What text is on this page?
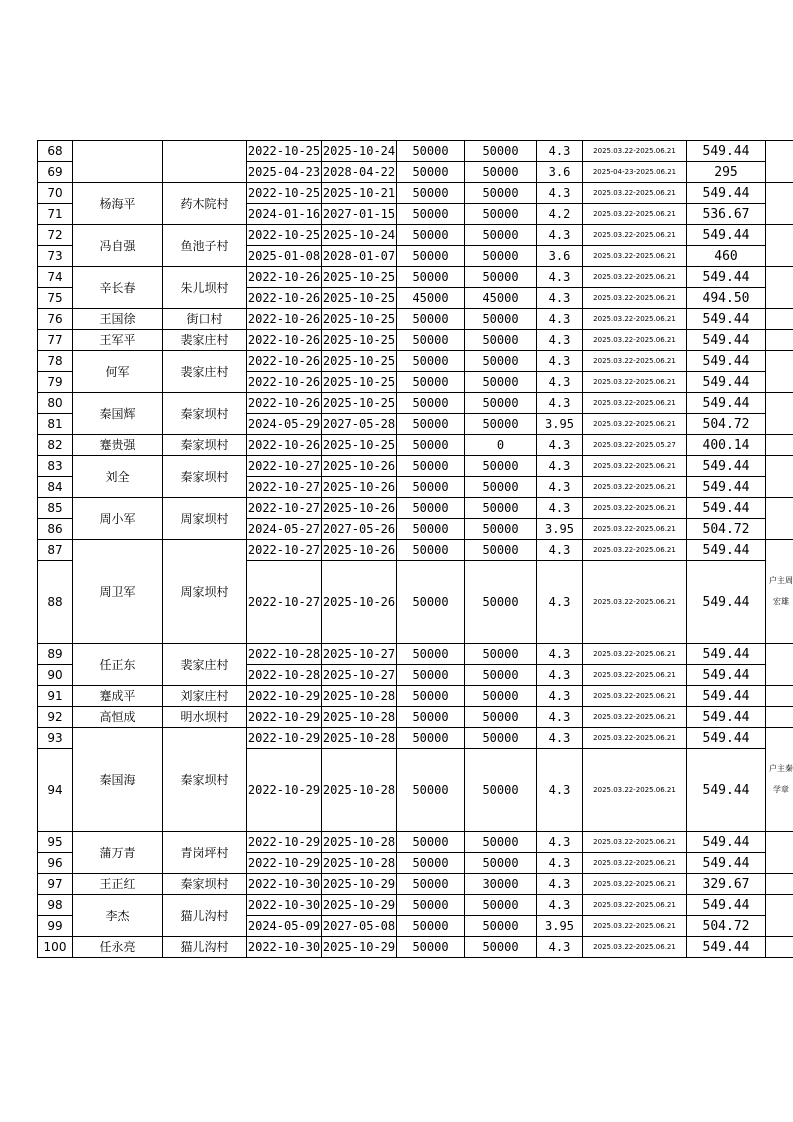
68			2022-10-25	2025-10-24	50000	50000	4.3	2025.03.22-2025.06.21	549.44	
69			2025-04-23	2028-04-22	50000	50000	3.6	2025-04-23-2025.06.21	295	
70	杨海平	药木院村	2022-10-25	2025-10-21	50000	50000	4.3	2025.03.22-2025.06.21	549.44	
71			2024-01-16	2027-01-15	50000	50000	4.2	2025.03.22-2025.06.21	536.67	
72	冯自强	鱼池子村	2022-10-25	2025-10-24	50000	50000	4.3	2025.03.22-2025.06.21	549.44	
73			2025-01-08	2028-01-07	50000	50000	3.6	2025.03.22-2025.06.21	460	
74	辛长春	朱儿坝村	2022-10-26	2025-10-25	50000	50000	4.3	2025.03.22-2025.06.21	549.44	
75			2022-10-26	2025-10-25	45000	45000	4.3	2025.03.22-2025.06.21	494.50	
76	王国徐	街口村	2022-10-26	2025-10-25	50000	50000	4.3	2025.03.22-2025.06.21	549.44	
77	王军平	裴家庄村	2022-10-26	2025-10-25	50000	50000	4.3	2025.03.22-2025.06.21	549.44	
78	何军	裴家庄村	2022-10-26	2025-10-25	50000	50000	4.3	2025.03.22-2025.06.21	549.44	
79			2022-10-26	2025-10-25	50000	50000	4.3	2025.03.22-2025.06.21	549.44	
80	秦国辉	秦家坝村	2022-10-26	2025-10-25	50000	50000	4.3	2025.03.22-2025.06.21	549.44	
81			2024-05-29	2027-05-28	50000	50000	3.95	2025.03.22-2025.06.21	504.72	
82	蹇贵强	秦家坝村	2022-10-26	2025-10-25	50000	0	4.3	2025.03.22-2025.05.27	400.14	
83	刘全	秦家坝村	2022-10-27	2025-10-26	50000	50000	4.3	2025.03.22-2025.06.21	549.44	
84			2022-10-27	2025-10-26	50000	50000	4.3	2025.03.22-2025.06.21	549.44	
85	周小军	周家坝村	2022-10-27	2025-10-26	50000	50000	4.3	2025.03.22-2025.06.21	549.44	
86			2024-05-27	2027-05-26	50000	50000	3.95	2025.03.22-2025.06.21	504.72	
87	周卫军	周家坝村	2022-10-27	2025-10-26	50000	50000	4.3	2025.03.22-2025.06.21	549.44	户主周宏雄
88			2022-10-27	2025-10-26	50000	50000	4.3	2025.03.22-2025.06.21	549.44	
89	任正东	裴家庄村	2022-10-28	2025-10-27	50000	50000	4.3	2025.03.22-2025.06.21	549.44	
90			2022-10-28	2025-10-27	50000	50000	4.3	2025.03.22-2025.06.21	549.44	
91	蹇成平	刘家庄村	2022-10-29	2025-10-28	50000	50000	4.3	2025.03.22-2025.06.21	549.44	
92	高恒成	明水坝村	2022-10-29	2025-10-28	50000	50000	4.3	2025.03.22-2025.06.21	549.44	
93	秦国海	秦家坝村	2022-10-29	2025-10-28	50000	50000	4.3	2025.03.22-2025.06.21	549.44	户主秦学章
94			2022-10-29	2025-10-28	50000	50000	4.3	2025.03.22-2025.06.21	549.44	
95	蒲万青	青岗坪村	2022-10-29	2025-10-28	50000	50000	4.3	2025.03.22-2025.06.21	549.44	
96			2022-10-29	2025-10-28	50000	50000	4.3	2025.03.22-2025.06.21	549.44	
97	王正红	秦家坝村	2022-10-30	2025-10-29	50000	30000	4.3	2025.03.22-2025.06.21	329.67	
98	李杰	猫儿沟村	2022-10-30	2025-10-29	50000	50000	4.3	2025.03.22-2025.06.21	549.44	
99			2024-05-09	2027-05-08	50000	50000	3.95	2025.03.22-2025.06.21	504.72	
100	任永亮	猫儿沟村	2022-10-30	2025-10-29	50000	50000	4.3	2025.03.22-2025.06.21	549.44	
